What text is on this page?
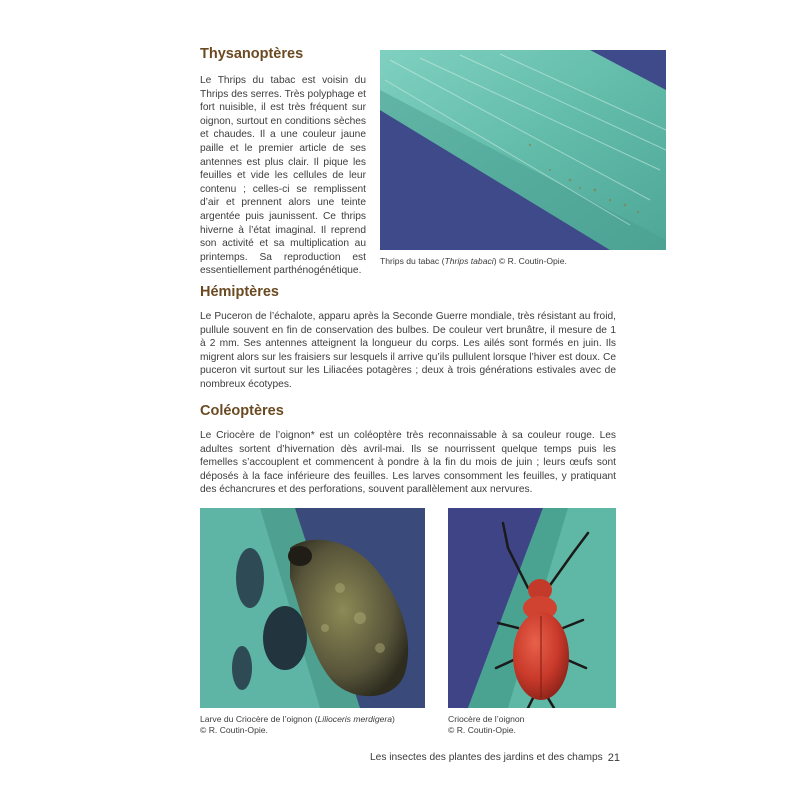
Thysanoptères

Le Thrips du tabac est voisin du Thrips des serres. Très polyphage et fort nuisible, il est très fréquent sur oignon, surtout en conditions sèches et chaudes. Il a une couleur jaune paille et le premier article de ses antennes est plus clair. Il pique les feuilles et vide les cellules de leur contenu ; celles-ci se remplissent d’air et prennent alors une teinte argentée puis jaunissent. Ce thrips hiverne à l’état imaginal. Il reprend son activité et sa multiplication au printemps. Sa reproduction est essentiellement parthénogénétique.

Thrips du tabac (Thrips tabaci) © R. Coutin-Opie.

Hémiptères

Le Puceron de l’échalote, apparu après la Seconde Guerre mondiale, très résistant au froid, pullule souvent en fin de conservation des bulbes. De couleur vert brunâtre, il mesure de 1 à 2 mm. Ses antennes atteignent la longueur du corps. Les ailés sont formés en juin. Ils migrent alors sur les fraisiers sur lesquels il arrive qu’ils pullulent lorsque l’hiver est doux. Ce puceron vit surtout sur les Liliacées potagères ; deux à trois générations estivales avec de nombreux écotypes.

Coléoptères

Le Criocère de l’oignon* est un coléoptère très reconnaissable à sa couleur rouge. Les adultes sortent d’hivernation dès avril-mai. Ils se nourrissent quelque temps puis les femelles s’accouplent et commencent à pondre à la fin du mois de juin ; leurs œufs sont déposés à la face inférieure des feuilles. Les larves consomment les feuilles, y pratiquant des échancrures et des perforations, souvent parallèlement aux nervures.

Larve du Criocère de l’oignon (Lilioceris merdigera)
© R. Coutin-Opie.

Criocère de l’oignon
© R. Coutin-Opie.

Les insectes des plantes des jardins et des champs 21
